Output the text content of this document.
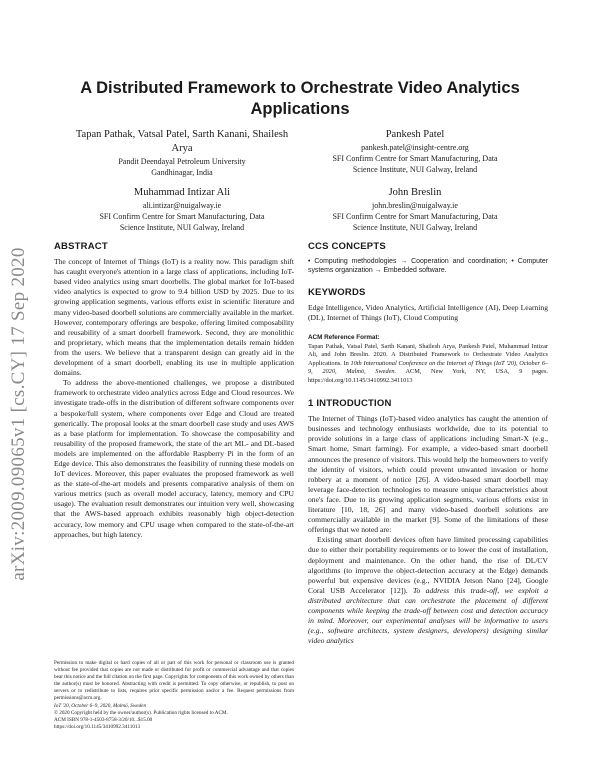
arXiv:2009.09065v1 [cs.CY] 17 Sep 2020
A Distributed Framework to Orchestrate Video Analytics Applications
Tapan Pathak, Vatsal Patel, Sarth Kanani, Shailesh Arya
Pandit Deendayal Petroleum University
Gandhinagar, India
Pankesh Patel
pankesh.patel@insight-centre.org
SFI Confirm Centre for Smart Manufacturing, Data
Science Institute, NUI Galway, Ireland
Muhammad Intizar Ali
ali.intizar@nuigalway.ie
SFI Confirm Centre for Smart Manufacturing, Data
Science Institute, NUI Galway, Ireland
John Breslin
john.breslin@nuigalway.ie
SFI Confirm Centre for Smart Manufacturing, Data
Science Institute, NUI Galway, Ireland
ABSTRACT

The concept of Internet of Things (IoT) is a reality now. This paradigm shift has caught everyone's attention in a large class of applications, including IoT-based video analytics using smart doorbells. The global market for IoT-based video analytics is expected to grow to 9.4 billion USD by 2025. Due to its growing application segments, various efforts exist in scientific literature and many video-based doorbell solutions are commercially available in the market. However, contemporary offerings are bespoke, offering limited composability and reusability of a smart doorbell framework. Second, they are monolithic and proprietary, which means that the implementation details remain hidden from the users. We believe that a transparent design can greatly aid in the development of a smart doorbell, enabling its use in multiple application domains.

To address the above-mentioned challenges, we propose a distributed framework to orchestrate video analytics across Edge and Cloud resources. We investigate trade-offs in the distribution of different software components over a bespoke/full system, where components over Edge and Cloud are treated generically. The proposal looks at the smart doorbell case study and uses AWS as a base platform for implementation. To showcase the composability and reusability of the proposed framework, the state of the art ML- and DL-based models are implemented on the affordable Raspberry Pi in the form of an Edge device. This also demonstrates the feasibility of running these models on IoT devices. Moreover, this paper evaluates the proposed framework as well as the state-of-the-art models and presents comparative analysis of them on various metrics (such as overall model accuracy, latency, memory and CPU usage). The evaluation result demonstrates our intuition very well, showcasing that the AWS-based approach exhibits reasonably high object-detection accuracy, low memory and CPU usage when compared to the state-of-the-art approaches, but high latency.

Permission to make digital or hard copies of all or part of this work for personal or classroom use is granted without fee provided that copies are not made or distributed for profit or commercial advantage and that copies bear this notice and the full citation on the first page. Copyrights for components of this work owned by others than the author(s) must be honored. Abstracting with credit is permitted. To copy otherwise, or republish, to post on servers or to redistribute to lists, requires prior specific permission and/or a fee. Request permissions from permissions@acm.org.

IoT '20, October 6–9, 2020, Malmö, Sweden

© 2020 Copyright held by the owner/author(s). Publication rights licensed to ACM.

ACM ISBN 978-1-4503-8758-3/20/10...$15.00

https://doi.org/10.1145/3410992.3411013

CCS CONCEPTS

• Computing methodologies → Cooperation and coordination; • Computer systems organization → Embedded software.

KEYWORDS

Edge Intelligence, Video Analytics, Artificial Intelligence (AI), Deep Learning (DL), Internet of Things (IoT), Cloud Computing

ACM Reference Format:

Tapan Pathak, Vatsal Patel, Sarth Kanani, Shailesh Arya, Pankesh Patel, Muhammad Intizar Ali, and John Breslin. 2020. A Distributed Framework to Orchestrate Video Analytics Applications. In 10th International Conference on the Internet of Things (IoT '20), October 6–9, 2020, Malmö, Sweden. ACM, New York, NY, USA, 9 pages. https://doi.org/10.1145/3410992.3411013

1 INTRODUCTION

The Internet of Things (IoT)-based video analytics has caught the attention of businesses and technology enthusiasts worldwide, due to its potential to provide solutions in a large class of applications including Smart-X (e.g., Smart home, Smart farming). For example, a video-based smart doorbell announces the presence of visitors. This would help the homeowners to verify the identity of visitors, which could prevent unwanted invasion or home robbery at a moment of notice [26]. A video-based smart doorbell may leverage face-detection technologies to measure unique characteristics about one's face. Due to its growing application segments, various efforts exist in literature [10, 18, 26] and many video-based doorbell solutions are commercially available in the market [9]. Some of the limitations of these offerings that we noted are:

Existing smart doorbell devices often have limited processing capabilities due to either their portability requirements or to lower the cost of installation, deployment and maintenance. On the other hand, the rise of DL/CV algorithms (to improve the object-detection accuracy at the Edge) demands powerful but expensive devices (e.g., NVIDIA Jetson Nano [24], Google Coral USB Accelerator [12]). To address this trade-off, we exploit a distributed architecture that can orchestrate the placement of different components while keeping the trade-off between cost and detection accuracy in mind. Moreover, our experimental analyses will be informative to users (e.g., software architects, system designers, developers) designing similar video analytics
